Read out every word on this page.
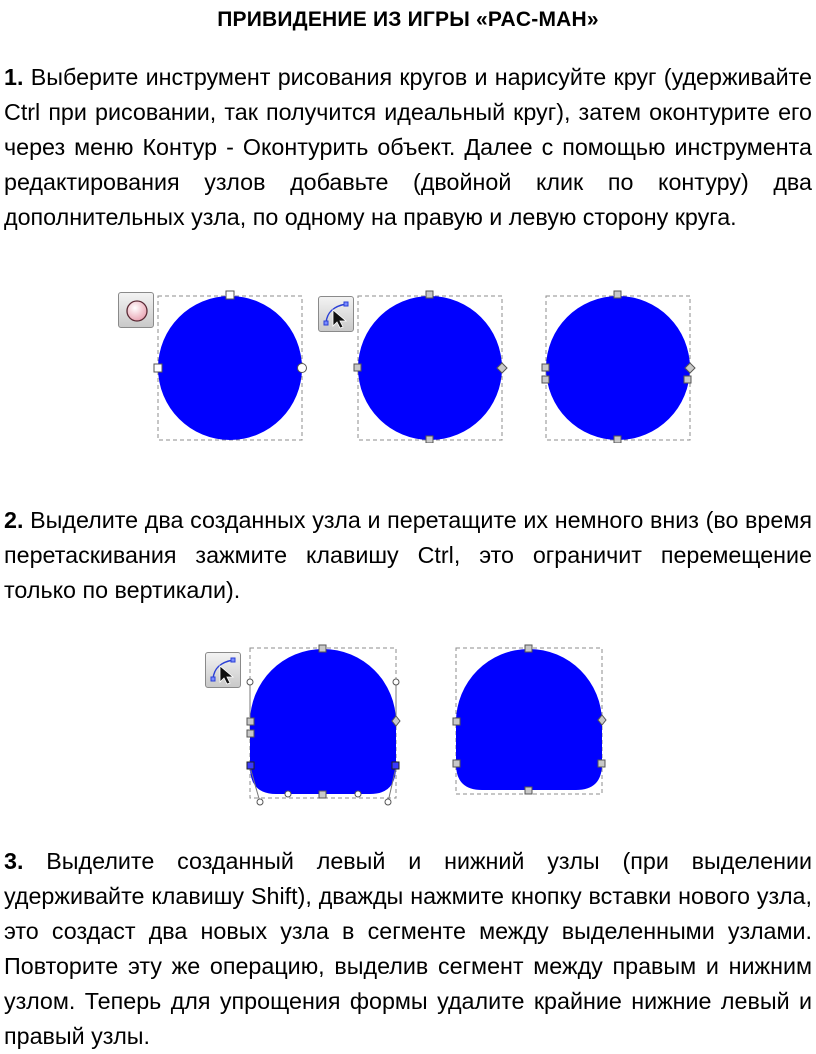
ПРИВИДЕНИЕ ИЗ ИГРЫ «PAC-MAH»
1. Выберите инструмент рисования кругов и нарисуйте круг (удерживайте Ctrl при рисовании, так получится идеальный круг), затем оконтурите его через меню Контур - Оконтурить объект. Далее с помощью инструмента редактирования узлов добавьте (двойной клик по контуру) два дополнительных узла, по одному на правую и левую сторону круга.
2. Выделите два созданных узла и перетащите их немного вниз (во время перетаскивания зажмите клавишу Ctrl, это ограничит перемещение только по вертикали).
3. Выделите созданный левый и нижний узлы (при выделении удерживайте клавишу Shift), дважды нажмите кнопку вставки нового узла, это создаст два новых узла в сегменте между выделенными узлами. Повторите эту же операцию, выделив сегмент между правым и нижним узлом. Теперь для упрощения формы удалите крайние нижние левый и правый узлы.
